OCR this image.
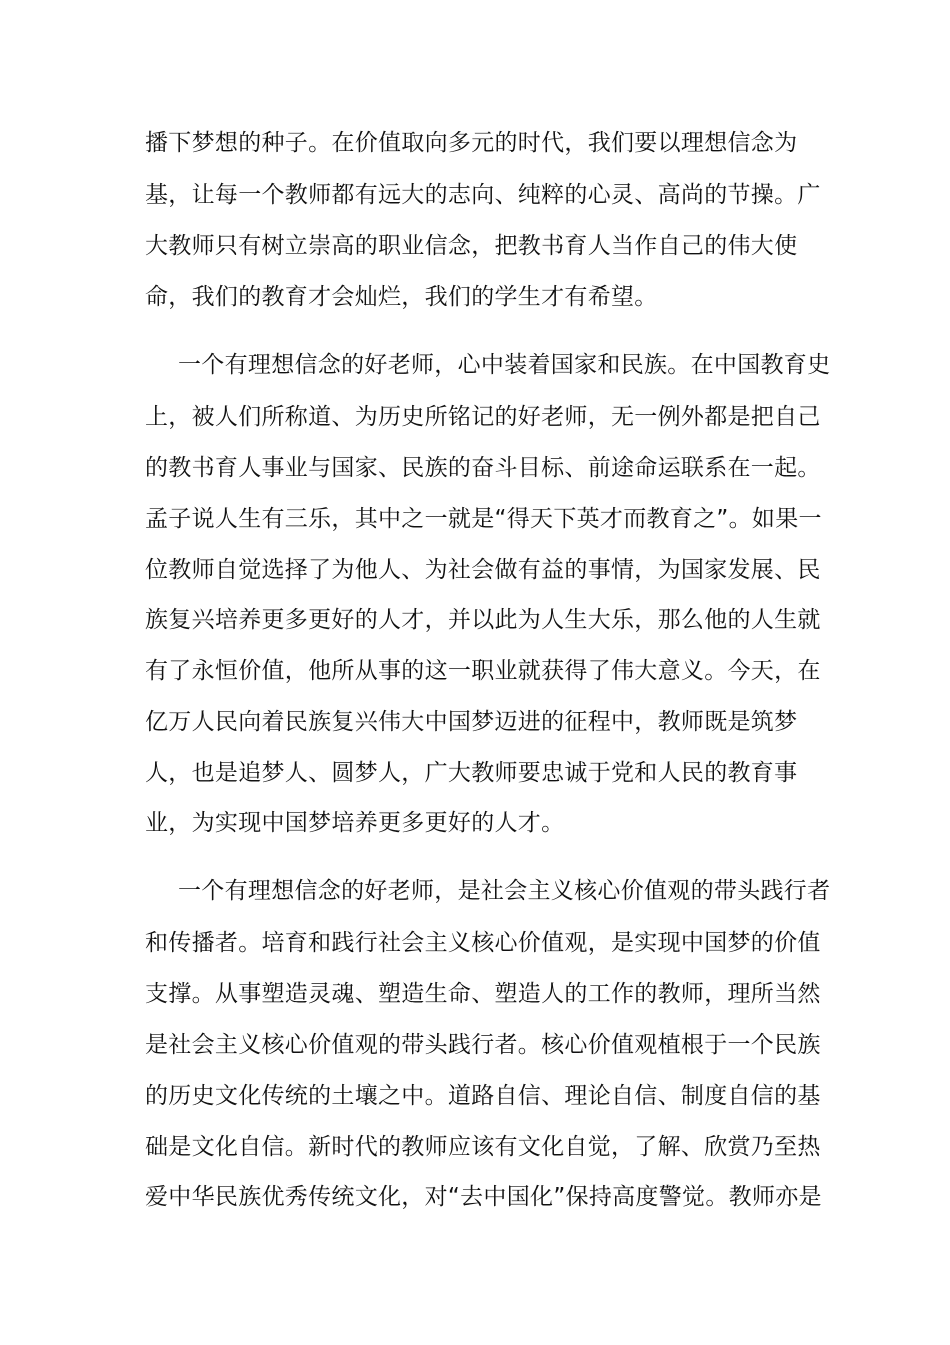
播下梦想的种子。在价值取向多元的时代，我们要以理想信念为
基，让每一个教师都有远大的志向、纯粹的心灵、高尚的节操。广
大教师只有树立崇高的职业信念，把教书育人当作自己的伟大使
命，我们的教育才会灿烂，我们的学生才有希望。
一个有理想信念的好老师，心中装着国家和民族。在中国教育史
上，被人们所称道、为历史所铭记的好老师，无一例外都是把自己
的教书育人事业与国家、民族的奋斗目标、前途命运联系在一起。
孟子说人生有三乐，其中之一就是“得天下英才而教育之”。如果一
位教师自觉选择了为他人、为社会做有益的事情，为国家发展、民
族复兴培养更多更好的人才，并以此为人生大乐，那么他的人生就
有了永恒价值，他所从事的这一职业就获得了伟大意义。今天，在
亿万人民向着民族复兴伟大中国梦迈进的征程中，教师既是筑梦
人，也是追梦人、圆梦人，广大教师要忠诚于党和人民的教育事
业，为实现中国梦培养更多更好的人才。
一个有理想信念的好老师，是社会主义核心价值观的带头践行者
和传播者。培育和践行社会主义核心价值观，是实现中国梦的价值
支撑。从事塑造灵魂、塑造生命、塑造人的工作的教师，理所当然
是社会主义核心价值观的带头践行者。核心价值观植根于一个民族
的历史文化传统的土壤之中。道路自信、理论自信、制度自信的基
础是文化自信。新时代的教师应该有文化自觉，了解、欣赏乃至热
爱中华民族优秀传统文化，对“去中国化”保持高度警觉。教师亦是
